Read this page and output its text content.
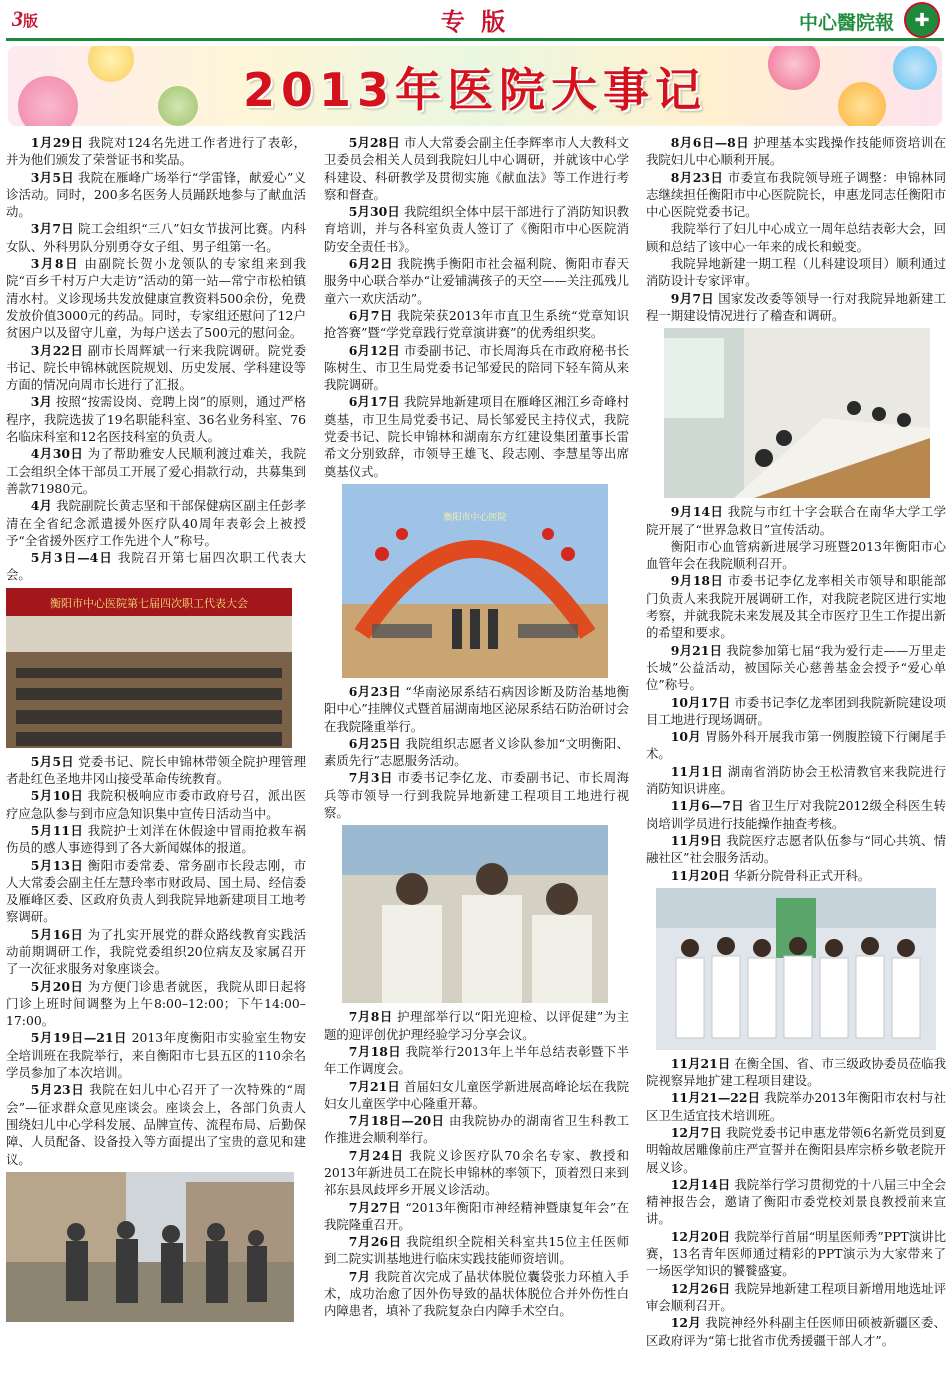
3版	专 版	中心醫院報	✚
2013年医院大事记

1月29日 我院对124名先进工作者进行了表彰，并为他们颁发了荣誉证书和奖品。

3月5日 我院在雁峰广场举行“学雷锋，献爱心”义诊活动。同时，200多名医务人员踊跃地参与了献血活动。

3月7日 院工会组织“三八”妇女节拔河比赛。内科女队、外科男队分别勇夺女子组、男子组第一名。

3月8日 由副院长贺小龙领队的专家组来到我院“百乡千村万户大走访”活动的第一站—常宁市松柏镇清水村。义诊现场共发放健康宣教资料500余份，免费发放价值3000元的药品。同时，专家组还慰问了12户贫困户以及留守儿童，为每户送去了500元的慰问金。

3月22日 副市长周辉斌一行来我院调研。院党委书记、院长申锦林就医院规划、历史发展、学科建设等方面的情况向周市长进行了汇报。

3月 按照“按需设岗、竞聘上岗”的原则，通过严格程序，我院选拔了19名职能科室、36名业务科室、76名临床科室和12名医技科室的负责人。

4月30日 为了帮助雅安人民顺利渡过难关，我院工会组织全体干部员工开展了爱心捐款行动，共募集到善款71980元。

4月 我院副院长黄志坚和干部保健病区副主任彭孝清在全省纪念派遣援外医疗队40周年表彰会上被授予“全省援外医疗工作先进个人”称号。

5月3日—4日 我院召开第七届四次职工代表大会。

衡阳市中心医院第七届四次职工代表大会

5月5日 党委书记、院长申锦林带领全院护理管理者赴红色圣地井冈山接受革命传统教育。

5月10日 我院积极响应市委市政府号召，派出医疗应急队参与到市应急知识集中宣传日活动当中。

5月11日 我院护士刘洋在休假途中冒雨抢救车祸伤员的感人事迹得到了各大新闻媒体的报道。

5月13日 衡阳市委常委、常务副市长段志刚，市人大常委会副主任左慧玲率市财政局、国土局、经信委及雁峰区委、区政府负责人到我院异地新建项目工地考察调研。

5月16日 为了扎实开展党的群众路线教育实践活动前期调研工作，我院党委组织20位病友及家属召开了一次征求服务对象座谈会。

5月20日 为方便门诊患者就医，我院从即日起将门诊上班时间调整为上午8:00–12:00；下午14:00–17:00。

5月19日—21日 2013年度衡阳市实验室生物安全培训班在我院举行，来自衡阳市七县五区的110余名学员参加了本次培训。

5月23日 我院在妇儿中心召开了一次特殊的“周会”—征求群众意见座谈会。座谈会上，各部门负责人围绕妇儿中心学科发展、品牌宣传、流程布局、后勤保障、人员配备、设备投入等方面提出了宝贵的意见和建议。

5月28日 市人大常委会副主任李辉率市人大教科文卫委员会相关人员到我院妇儿中心调研，并就该中心学科建设、科研教学及贯彻实施《献血法》等工作进行考察和督查。

5月30日 我院组织全体中层干部进行了消防知识教育培训，并与各科室负责人签订了《衡阳市中心医院消防安全责任书》。

6月2日 我院携手衡阳市社会福利院、衡阳市春天服务中心联合举办“让爱铺满孩子的天空——关注孤残儿童六一欢庆活动”。

6月7日 我院荣获2013年市直卫生系统“党章知识抢答赛”暨“学党章践行党章演讲赛”的优秀组织奖。

6月12日 市委副书记、市长周海兵在市政府秘书长陈树生、市卫生局党委书记邹爱民的陪同下轻车简从来我院调研。

6月17日 我院异地新建项目在雁峰区湘江乡奇峰村奠基，市卫生局党委书记、局长邹爱民主持仪式，我院党委书记、院长申锦林和湖南东方红建设集团董事长雷希文分别致辞，市领导王雄飞、段志刚、李慧星等出席奠基仪式。

衡阳市中心医院

6月23日 “华南泌尿系结石病因诊断及防治基地衡阳中心”挂牌仪式暨首届湖南地区泌尿系结石防治研讨会在我院隆重举行。

6月25日 我院组织志愿者义诊队参加“文明衡阳、素质先行”志愿服务活动。

7月3日 市委书记李亿龙、市委副书记、市长周海兵等市领导一行到我院异地新建工程项目工地进行视察。

7月8日 护理部举行以“阳光迎检、以评促建”为主题的迎评创优护理经验学习分享会议。

7月18日 我院举行2013年上半年总结表彰暨下半年工作调度会。

7月21日 首届妇女儿童医学新进展高峰论坛在我院妇女儿童医学中心隆重开幕。

7月18日—20日 由我院协办的湖南省卫生科教工作推进会顺利举行。

7月24日 我院义诊医疗队70余名专家、教授和2013年新进员工在院长申锦林的率领下，顶着烈日来到祁东县凤歧坪乡开展义诊活动。

7月27日 “2013年衡阳市神经精神暨康复年会”在我院隆重召开。

7月26日 我院组织全院相关科室共15位主任医师到二院实训基地进行临床实践技能师资培训。

7月 我院首次完成了晶状体脱位囊袋张力环植入手术，成功治愈了因外伤导致的晶状体脱位合并外伤性白内障患者，填补了我院复杂白内障手术空白。

8月6日—8日 护理基本实践操作技能师资培训在我院妇儿中心顺利开展。

8月23日 市委宣布我院领导班子调整：申锦林同志继续担任衡阳市中心医院院长，申惠龙同志任衡阳市中心医院党委书记。

我院举行了妇儿中心成立一周年总结表彰大会，回顾和总结了该中心一年来的成长和蜕变。

我院异地新建一期工程（儿科建设项目）顺利通过消防设计专家评审。

9月7日 国家发改委等领导一行对我院异地新建工程一期建设情况进行了稽查和调研。

9月14日 我院与市红十字会联合在南华大学工学院开展了“世界急救日”宣传活动。

衡阳市心血管病新进展学习班暨2013年衡阳市心血管年会在我院顺利召开。

9月18日 市委书记李亿龙率相关市领导和职能部门负责人来我院开展调研工作，对我院老院区进行实地考察，并就我院未来发展及其全市医疗卫生工作提出新的希望和要求。

9月21日 我院参加第七届“我为爱行走——万里走长城”公益活动，被国际关心慈善基金会授予“爱心单位”称号。

10月17日 市委书记李亿龙率团到我院新院建设项目工地进行现场调研。

10月 胃肠外科开展我市第一例腹腔镜下行阑尾手术。

11月1日 湖南省消防协会王松清教官来我院进行消防知识讲座。

11月6—7日 省卫生厅对我院2012级全科医生转岗培训学员进行技能操作抽查考核。

11月9日 我院医疗志愿者队伍参与“同心共筑、情融社区”社会服务活动。

11月20日 华新分院骨科正式开科。

11月21日 在衡全国、省、市三级政协委员莅临我院视察异地扩建工程项目建设。

11月21—22日 我院举办2013年衡阳市农村与社区卫生适宜技术培训班。

12月7日 我院党委书记申惠龙带领6名新党员到夏明翰故居雕像前庄严宣誓并在衡阳县库宗桥乡敬老院开展义诊。

12月14日 我院举行学习贯彻党的十八届三中全会精神报告会，邀请了衡阳市委党校刘景良教授前来宣讲。

12月20日 我院举行首届“明星医师秀”PPT演讲比赛，13名青年医师通过精彩的PPT演示为大家带来了一场医学知识的饕餮盛宴。

12月26日 我院异地新建工程项目新增用地选址评审会顺利召开。

12月 我院神经外科副主任医师田硕被新疆区委、区政府评为“第七批省市优秀援疆干部人才”。
